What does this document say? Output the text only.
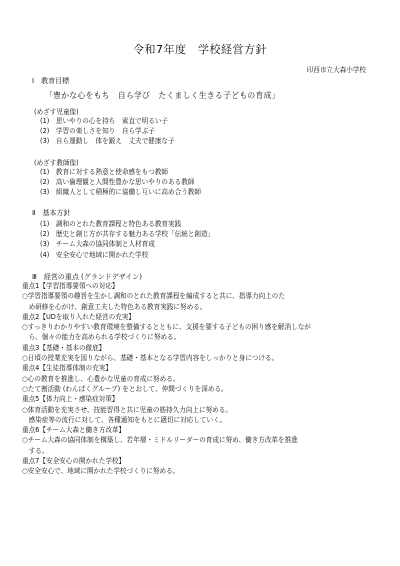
令和7年度　学校経営方針
印西市立大森小学校
Ⅰ　教育目標
「豊かな心をもち　自ら学び　たくましく生きる子どもの育成」
(めざす児童像)
(1)　思いやりの心を持ち　素直で明るい子
(2)　学習の楽しさを知り　自ら学ぶ子
(3)　自ら運動し　体を鍛え　丈夫で健康な子
(めざす教師像)
(1)　教育に対する熱意と使命感をもつ教師
(2)　高い倫理観と人間性豊かな思いやりのある教師
(3)　組織人として積極的に協働し互いに高め合う教師
Ⅱ　基本方針
(1)　調和のとれた教育課程と特色ある教育実践
(2)　歴史と創じ方が共存する魅力ある学校「伝統と創造」
(3)　チーム大森の協同体制と人材育成
(4)　安全安心で地域に開かれた学校
Ⅲ　経営の重点 (グランドデザイン)
重点1【学習指導要領への対応】
○学習指導要領の趣旨を生かし調和のとれた教育課程を編成すると共に、指導力向上のた
　め研修を心がけ、創意工夫した特色ある教育実践に努める。
重点2【UDを取り入れた経営の充実】
○すっきりわかりやすい教育環境を整備するとともに、支援を要する子どもの困り感を解消しなが
　ら、個々の能力を高められる学校づくりに努める。
重点3【基礎・基本の徹底】
○日頃の授業充実を図りながら、基礎・基本となる学習内容をしっかりと身につける。
重点4【生徒指導体制の充実】
○心の教育を推進し、心豊かな児童の育成に努める。
○たて割活動 (わんぱくグループ) をとおして、仲間づくりを深める。
重点5【体力向上・感染症対策】
○体育活動を充実させ、技能習得と共に児童の筋持久力向上に努める。
　感染症等の流行に対して、各種通知をもとに適切に対応していく。
重点6【チーム大森と働き方改革】
○チーム大森の協同体制を構築し、若年層・ミドルリーダーの育成に努め、働き方改革を推進
　する。
重点7【安全安心の開かれた学校】
○安全安心で、地域に開かれた学校づくりに努める。
